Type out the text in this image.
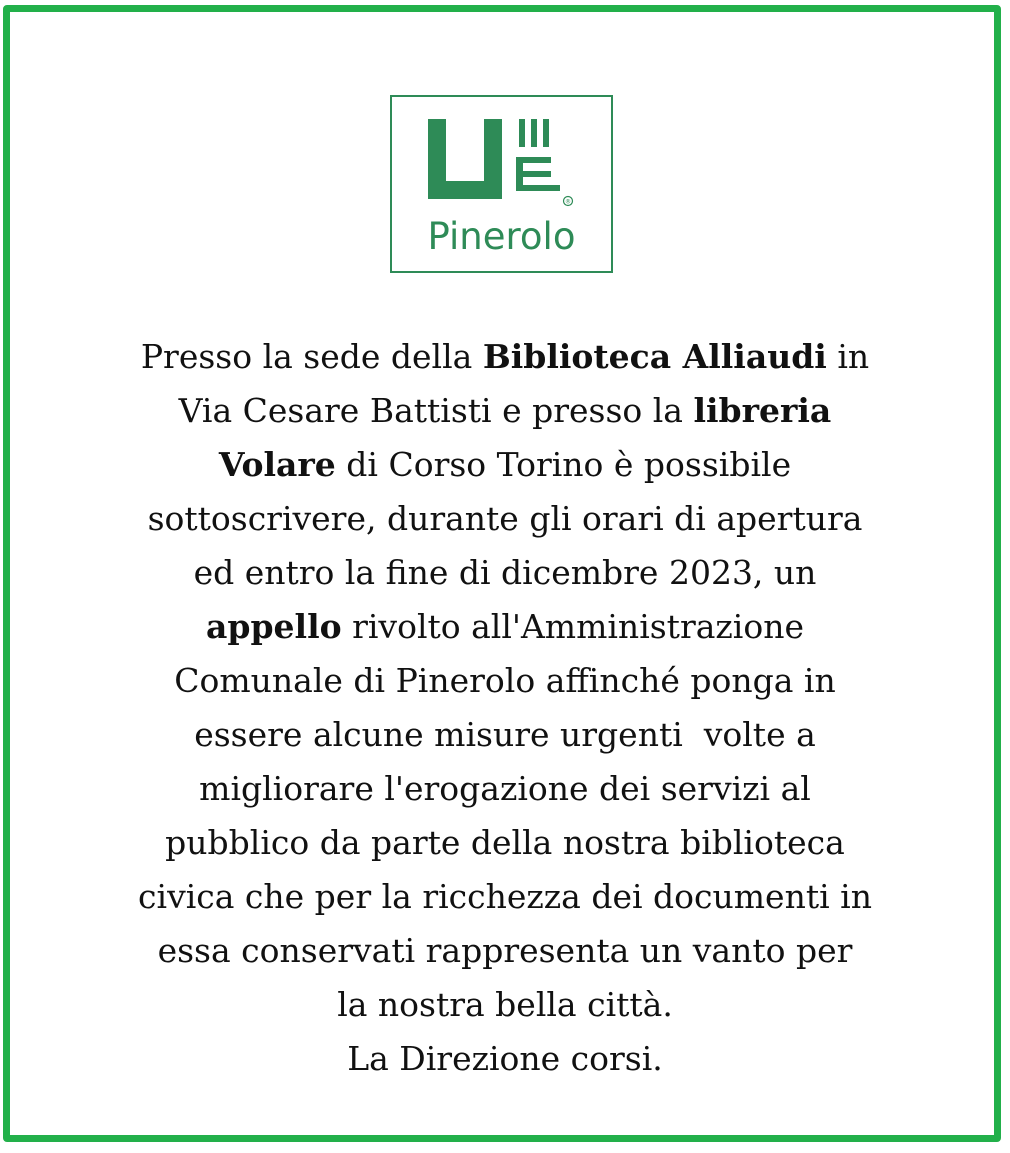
®
Pinerolo

Presso la sede della Biblioteca Alliaudi in
Via Cesare Battisti e presso la libreria
Volare di Corso Torino è possibile
sottoscrivere, durante gli orari di apertura
ed entro la fine di dicembre 2023, un
appello rivolto all'Amministrazione
Comunale di Pinerolo affinché ponga in
essere alcune misure urgenti  volte a
migliorare l'erogazione dei servizi al
pubblico da parte della nostra biblioteca
civica che per la ricchezza dei documenti in
essa conservati rappresenta un vanto per
la nostra bella città.
La Direzione corsi.
